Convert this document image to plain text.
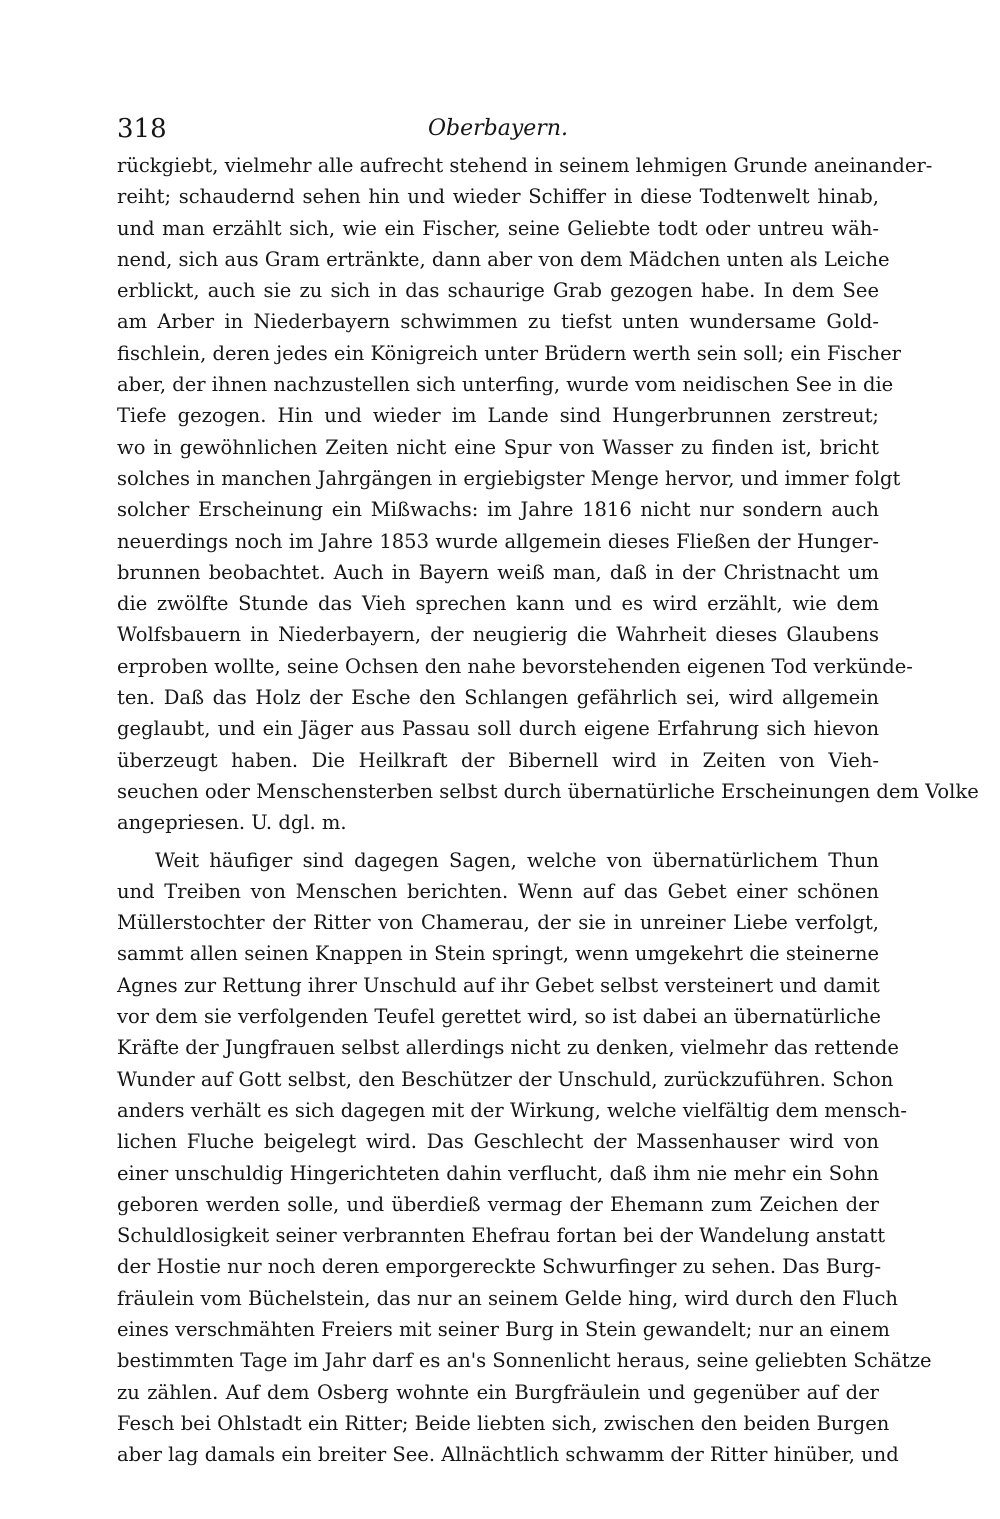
318	Oberbayern.
rückgiebt, vielmehr alle aufrecht stehend in seinem lehmigen Grunde aneinander-
reiht; schaudernd sehen hin und wieder Schiffer in diese Todtenwelt hinab,
und man erzählt sich, wie ein Fischer, seine Geliebte todt oder untreu wäh-
nend, sich aus Gram ertränkte, dann aber von dem Mädchen unten als Leiche
erblickt, auch sie zu sich in das schaurige Grab gezogen habe. In dem See
am Arber in Niederbayern schwimmen zu tiefst unten wundersame Gold-
fischlein, deren jedes ein Königreich unter Brüdern werth sein soll; ein Fischer
aber, der ihnen nachzustellen sich unterfing, wurde vom neidischen See in die
Tiefe gezogen. Hin und wieder im Lande sind Hungerbrunnen zerstreut;
wo in gewöhnlichen Zeiten nicht eine Spur von Wasser zu finden ist, bricht
solches in manchen Jahrgängen in ergiebigster Menge hervor, und immer folgt
solcher Erscheinung ein Mißwachs: im Jahre 1816 nicht nur sondern auch
neuerdings noch im Jahre 1853 wurde allgemein dieses Fließen der Hunger-
brunnen beobachtet. Auch in Bayern weiß man, daß in der Christnacht um
die zwölfte Stunde das Vieh sprechen kann und es wird erzählt, wie dem
Wolfsbauern in Niederbayern, der neugierig die Wahrheit dieses Glaubens
erproben wollte, seine Ochsen den nahe bevorstehenden eigenen Tod verkünde-
ten. Daß das Holz der Esche den Schlangen gefährlich sei, wird allgemein
geglaubt, und ein Jäger aus Passau soll durch eigene Erfahrung sich hievon
überzeugt haben. Die Heilkraft der Bibernell wird in Zeiten von Vieh-
seuchen oder Menschensterben selbst durch übernatürliche Erscheinungen dem Volke
angepriesen. U. dgl. m.
Weit häufiger sind dagegen Sagen, welche von übernatürlichem Thun
und Treiben von Menschen berichten. Wenn auf das Gebet einer schönen
Müllerstochter der Ritter von Chamerau, der sie in unreiner Liebe verfolgt,
sammt allen seinen Knappen in Stein springt, wenn umgekehrt die steinerne
Agnes zur Rettung ihrer Unschuld auf ihr Gebet selbst versteinert und damit
vor dem sie verfolgenden Teufel gerettet wird, so ist dabei an übernatürliche
Kräfte der Jungfrauen selbst allerdings nicht zu denken, vielmehr das rettende
Wunder auf Gott selbst, den Beschützer der Unschuld, zurückzuführen. Schon
anders verhält es sich dagegen mit der Wirkung, welche vielfältig dem mensch-
lichen Fluche beigelegt wird. Das Geschlecht der Massenhauser wird von
einer unschuldig Hingerichteten dahin verflucht, daß ihm nie mehr ein Sohn
geboren werden solle, und überdieß vermag der Ehemann zum Zeichen der
Schuldlosigkeit seiner verbrannten Ehefrau fortan bei der Wandelung anstatt
der Hostie nur noch deren emporgereckte Schwurfinger zu sehen. Das Burg-
fräulein vom Büchelstein, das nur an seinem Gelde hing, wird durch den Fluch
eines verschmähten Freiers mit seiner Burg in Stein gewandelt; nur an einem
bestimmten Tage im Jahr darf es an's Sonnenlicht heraus, seine geliebten Schätze
zu zählen. Auf dem Osberg wohnte ein Burgfräulein und gegenüber auf der
Fesch bei Ohlstadt ein Ritter; Beide liebten sich, zwischen den beiden Burgen
aber lag damals ein breiter See. Allnächtlich schwamm der Ritter hinüber, und
